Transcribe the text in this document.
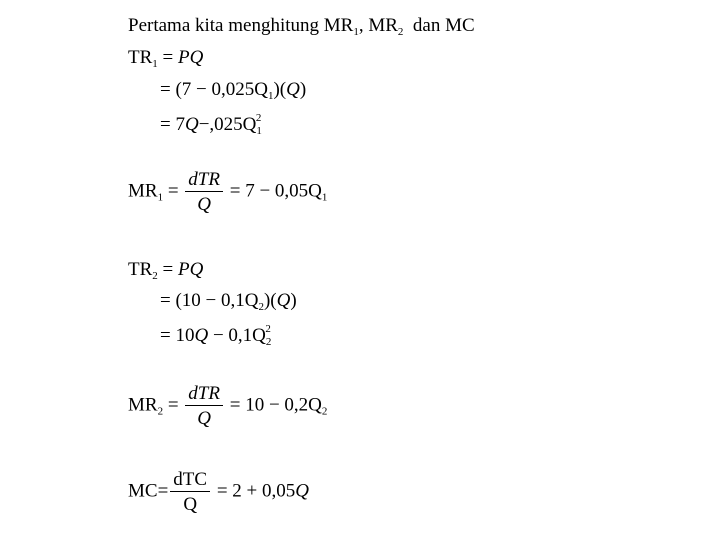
Pertama kita menghitung $MR_1$, $MR_2$  dan MC
$TR_1$ = PQ
= $(7 - 0,025Q_1)(Q)$
= $7Q-,025Q_1^2$
$MR_1 = \frac{\text{dTR}}{Q} = 7 - 0,05Q_1$
$TR_2$ = PQ
= $(10 - 0,1Q_2)(Q)$
= $10Q - 0,1Q_2^2$
$MR_2 = \frac{\text{dTR}}{Q} = 10 - 0,2Q_2$
$MC= \frac{\text{dTC}}{Q} = 2 + 0,05Q$
